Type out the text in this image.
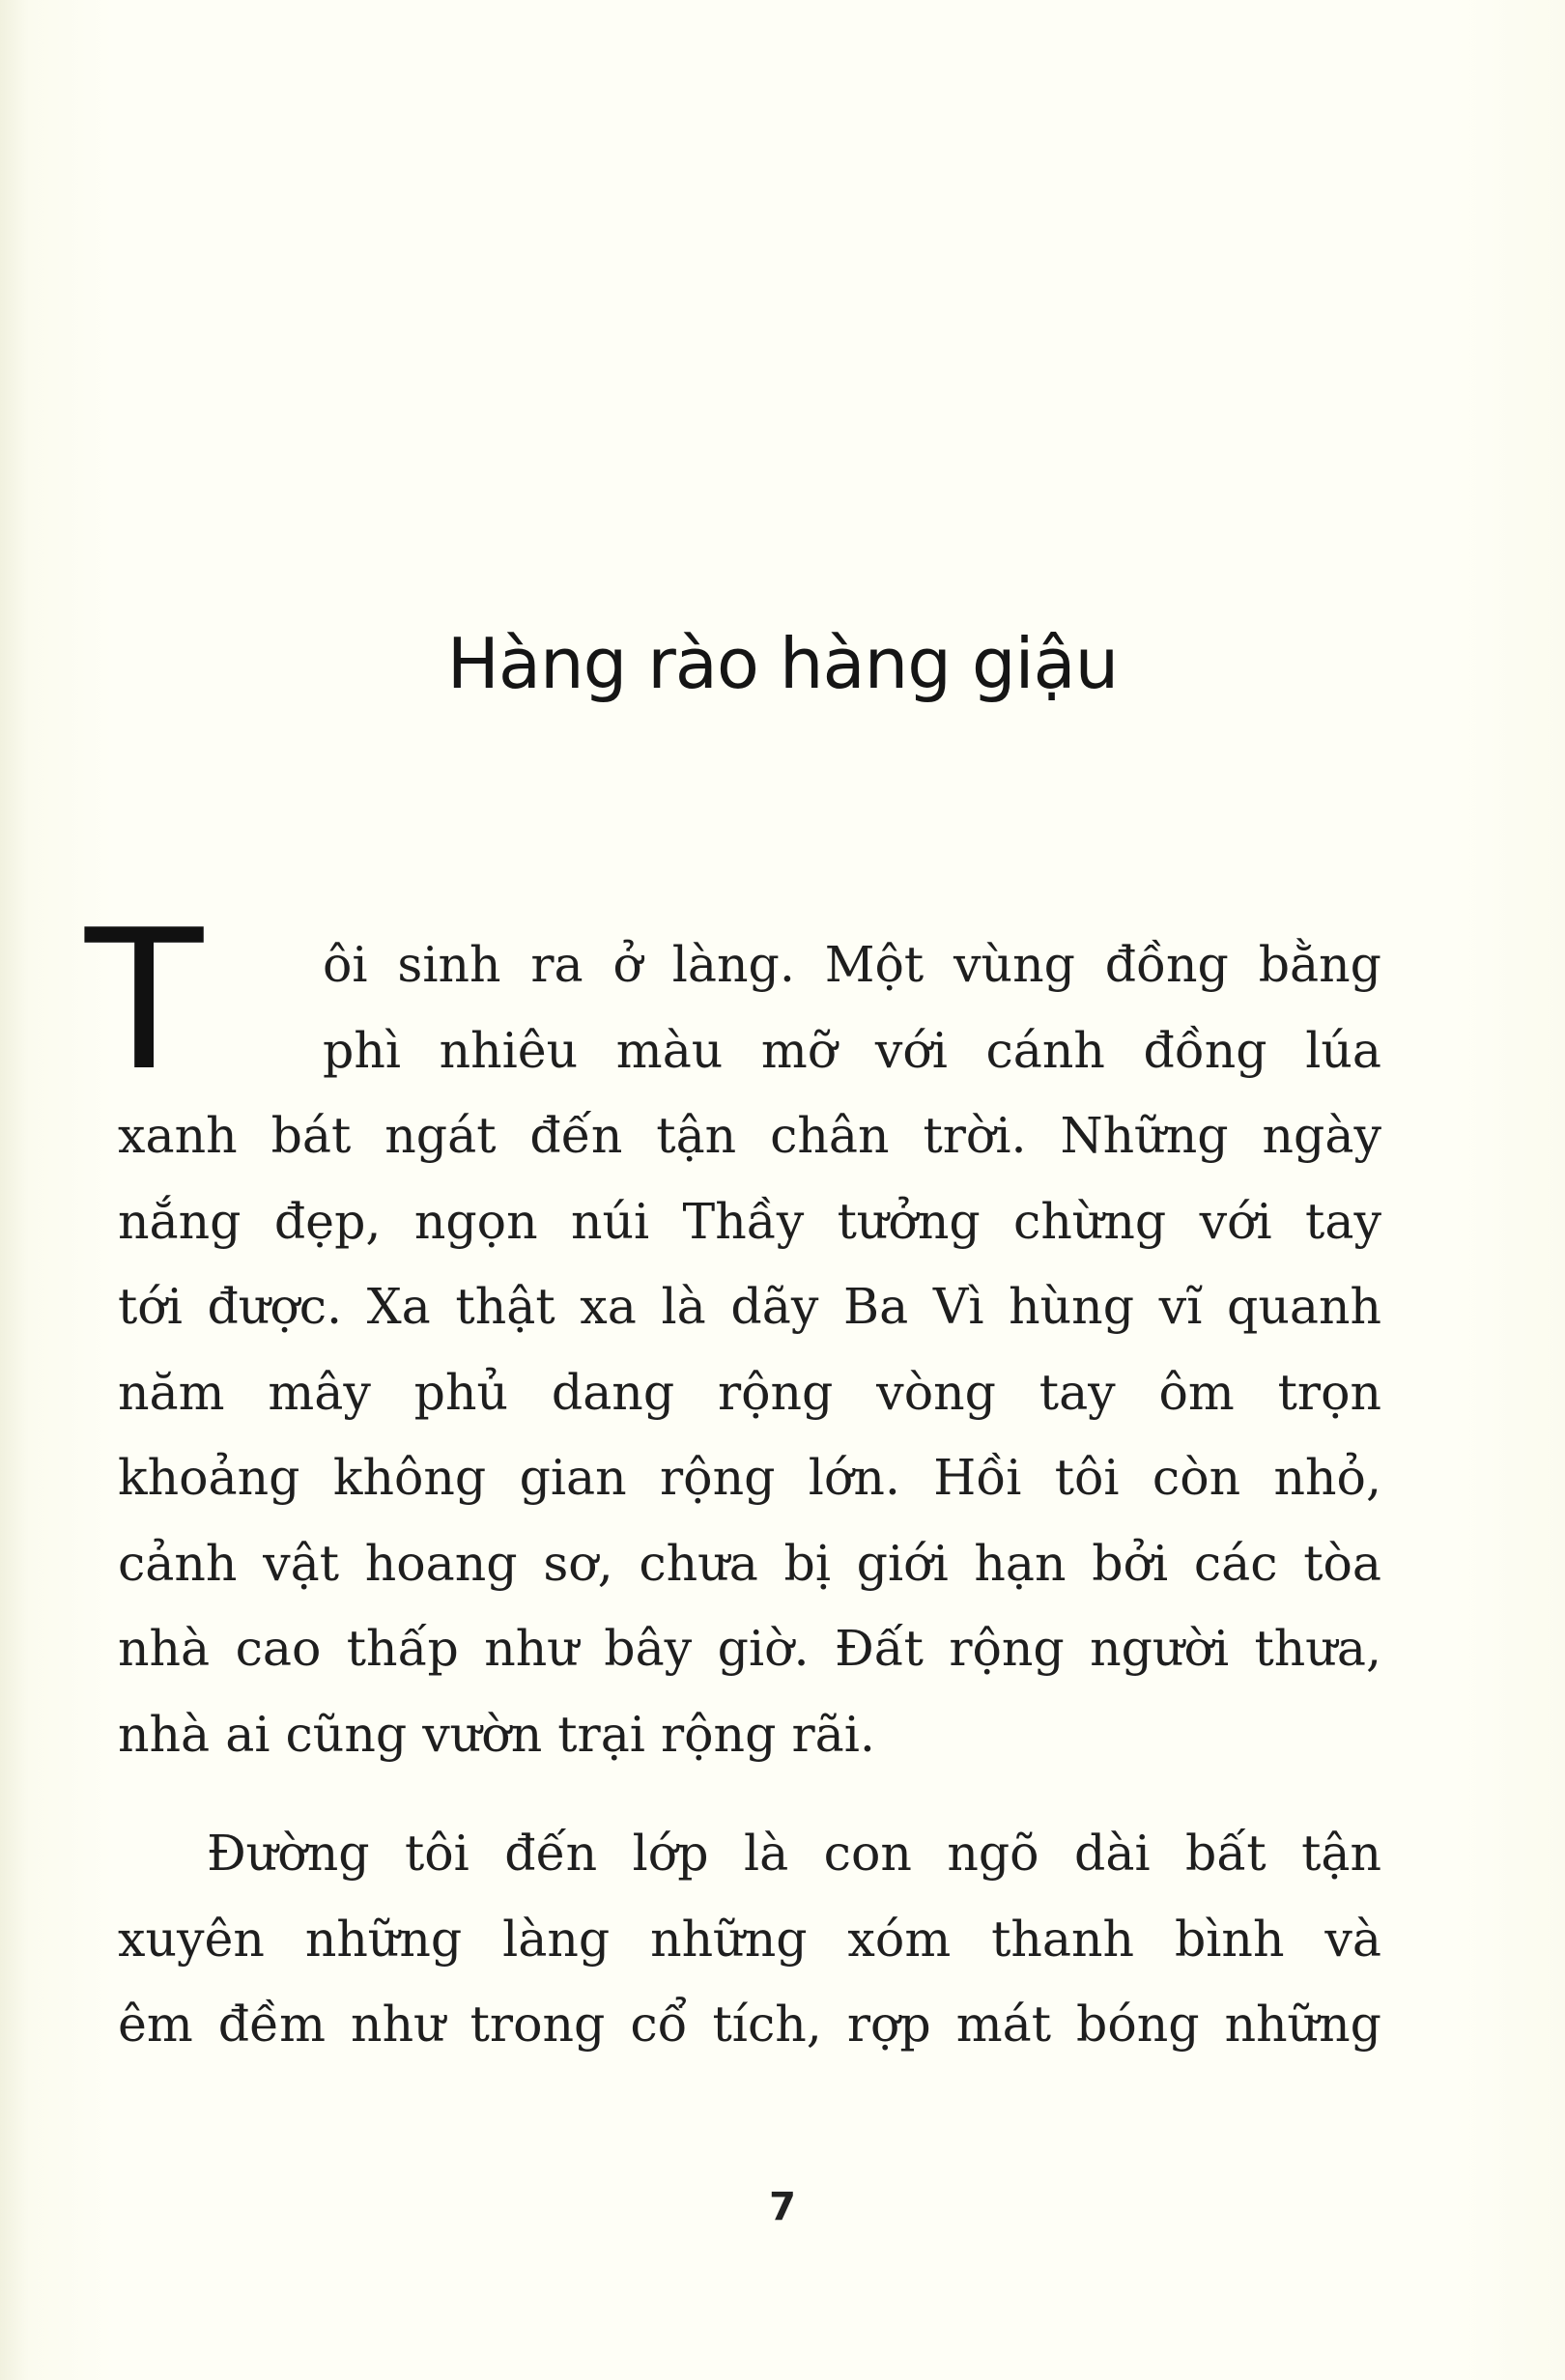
Hàng rào hàng giậu
T	ôi sinh ra ở làng. Một vùng đồng bằng
phì nhiêu màu mỡ với cánh đồng lúa
xanh bát ngát đến tận chân trời. Những ngày
nắng đẹp, ngọn núi Thầy tưởng chừng với tay
tới được. Xa thật xa là dãy Ba Vì hùng vĩ quanh
năm mây phủ dang rộng vòng tay ôm trọn
khoảng không gian rộng lớn. Hồi tôi còn nhỏ,
cảnh vật hoang sơ, chưa bị giới hạn bởi các tòa
nhà cao thấp như bây giờ. Đất rộng người thưa,
nhà ai cũng vườn trại rộng rãi.
Đường tôi đến lớp là con ngõ dài bất tận
xuyên những làng những xóm thanh bình và
êm đềm như trong cổ tích, rợp mát bóng những
7
